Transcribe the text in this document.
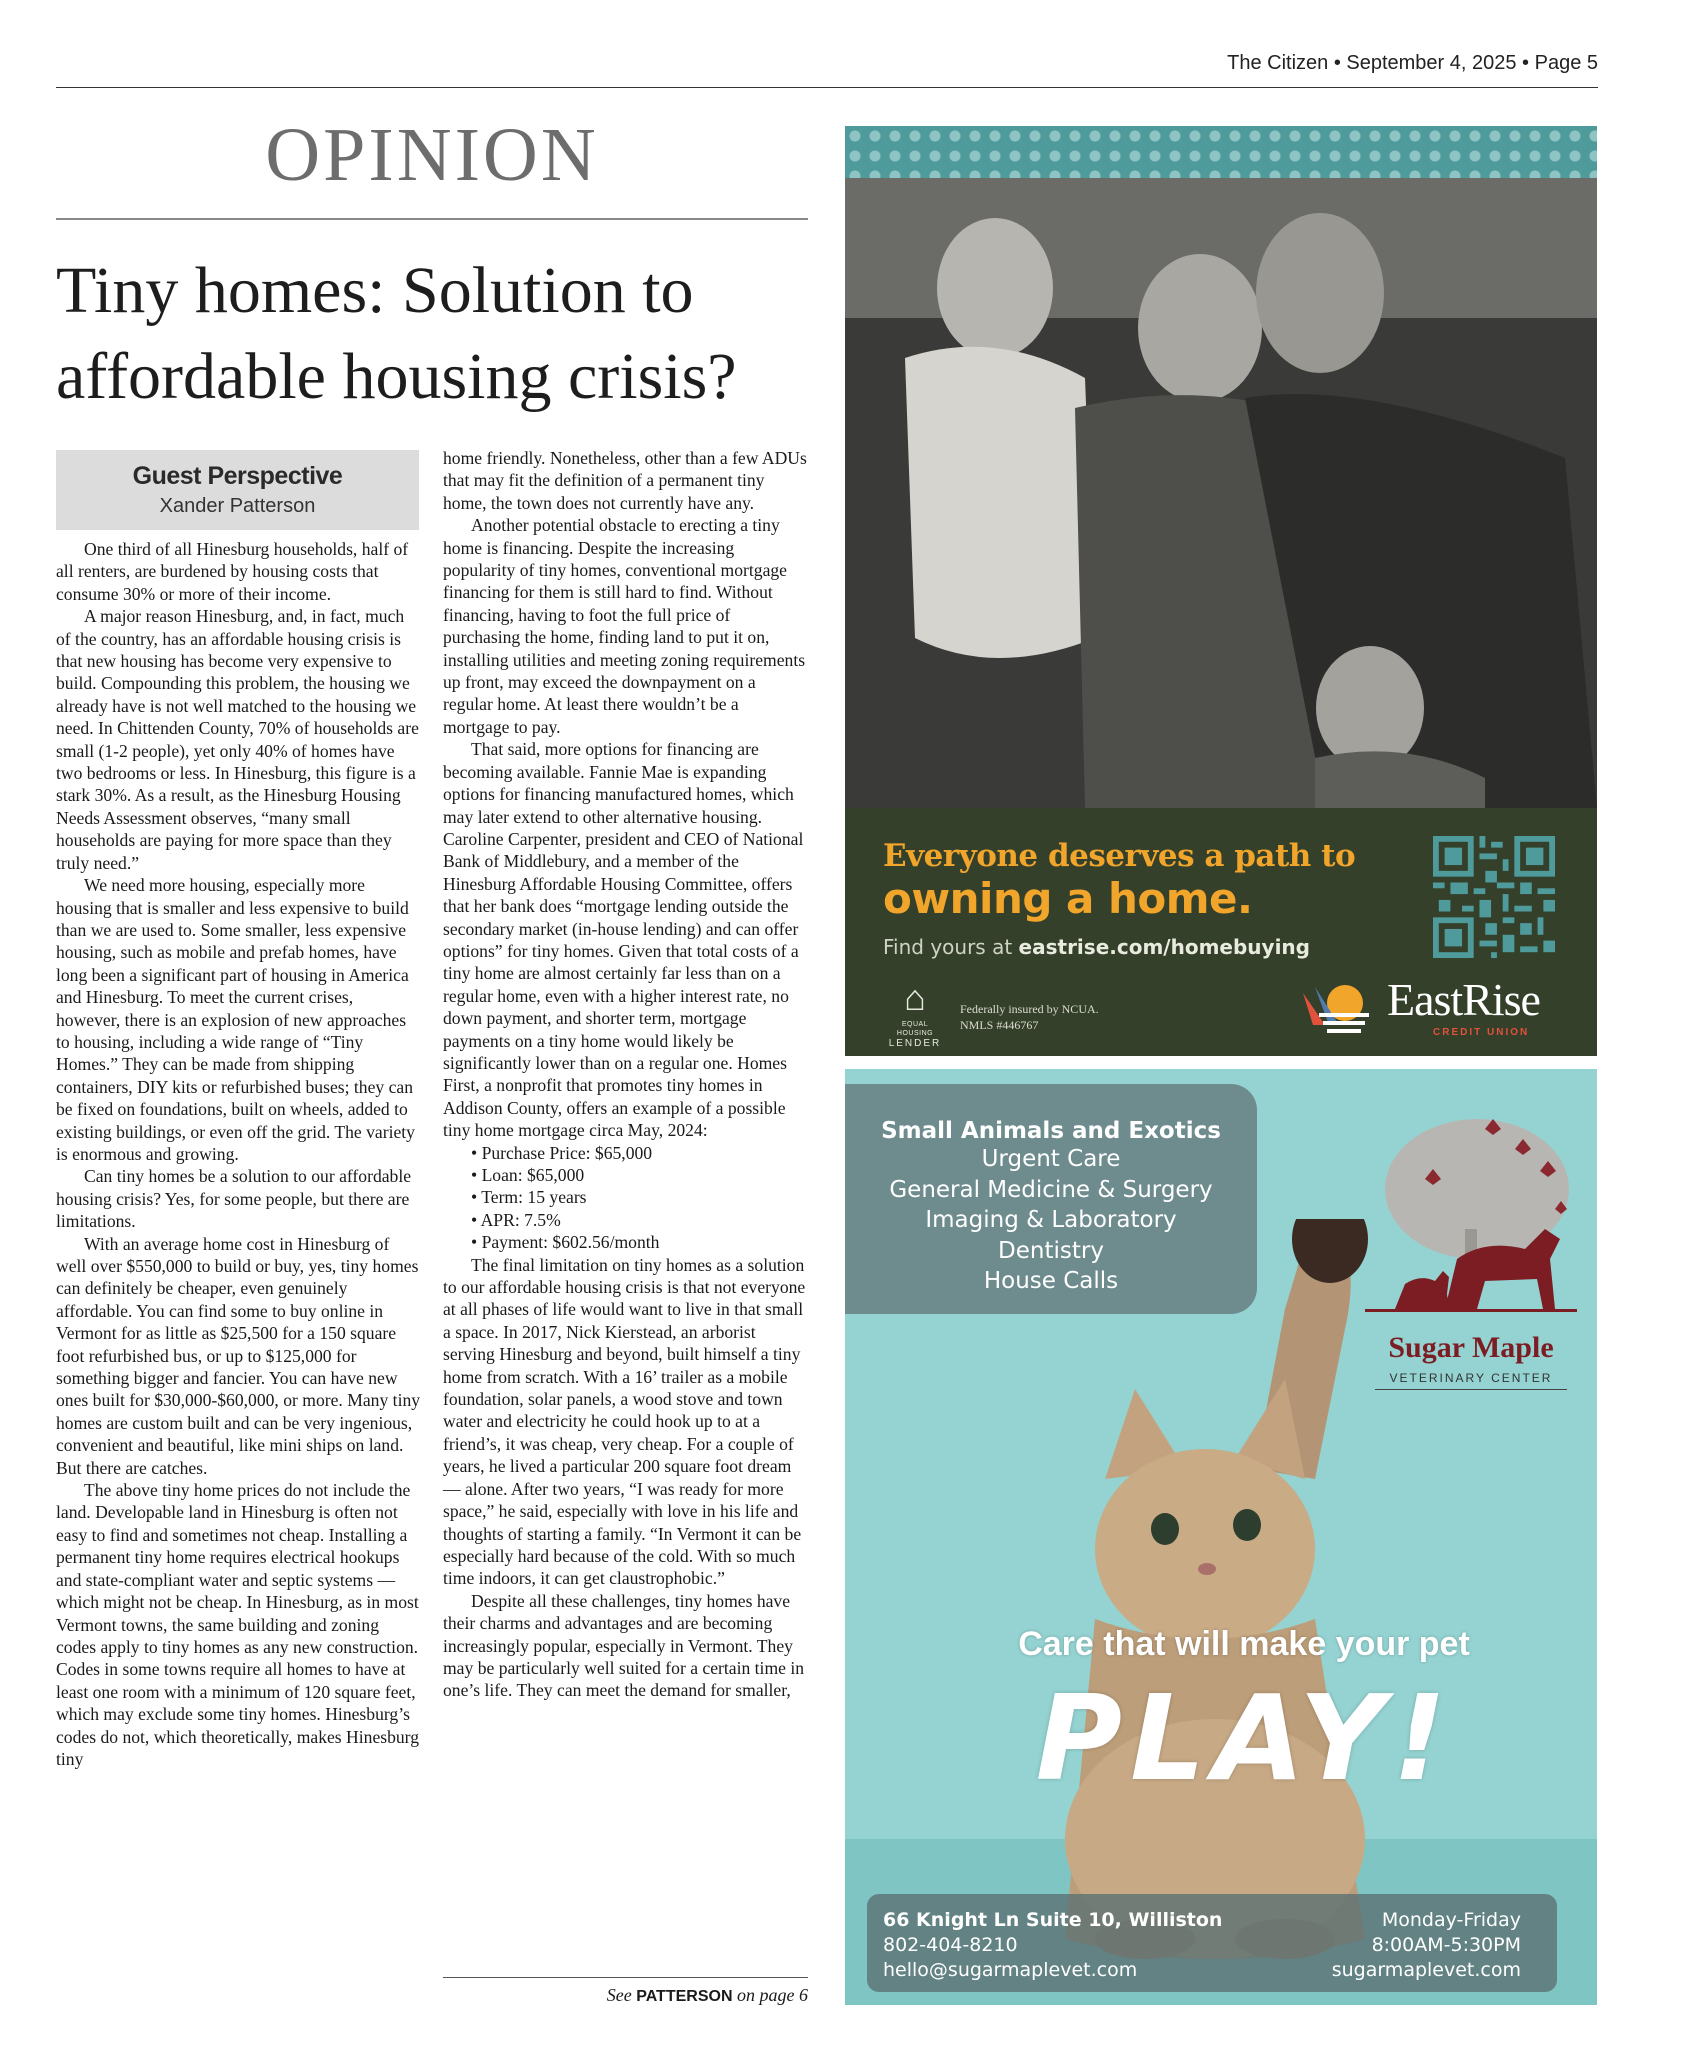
The Citizen • September 4, 2025 • Page 5
OPINION
Tiny homes: Solution to
affordable housing crisis?
Guest Perspective
Xander Patterson

One third of all Hinesburg households, half of all renters, are burdened by housing costs that consume 30% or more of their income.

A major reason Hinesburg, and, in fact, much of the country, has an affordable housing crisis is that new housing has become very expensive to build. Compounding this problem, the housing we already have is not well matched to the housing we need. In Chittenden County, 70% of households are small (1-2 people), yet only 40% of homes have two bedrooms or less. In Hinesburg, this figure is a stark 30%. As a result, as the Hinesburg Housing Needs Assessment observes, “many small households are paying for more space than they truly need.”

We need more housing, especially more housing that is smaller and less expensive to build than we are used to. Some smaller, less expensive housing, such as mobile and prefab homes, have long been a significant part of housing in America and Hinesburg. To meet the current crises, however, there is an explosion of new approaches to housing, including a wide range of “Tiny Homes.” They can be made from shipping containers, DIY kits or refurbished buses; they can be fixed on foundations, built on wheels, added to existing buildings, or even off the grid. The variety is enormous and growing.

Can tiny homes be a solution to our affordable housing crisis? Yes, for some people, but there are limitations.

With an average home cost in Hinesburg of well over $550,000 to build or buy, yes, tiny homes can definitely be cheaper, even genuinely affordable. You can find some to buy online in Vermont for as little as $25,500 for a 150 square foot refurbished bus, or up to $125,000 for something bigger and fancier. You can have new ones built for $30,000-$60,000, or more. Many tiny homes are custom built and can be very ingenious, convenient and beautiful, like mini ships on land. But there are catches.

The above tiny home prices do not include the land. Developable land in Hinesburg is often not easy to find and sometimes not cheap. Installing a permanent tiny home requires electrical hookups and state-compliant water and septic systems — which might not be cheap. In Hinesburg, as in most Vermont towns, the same building and zoning codes apply to tiny homes as any new construction. Codes in some towns require all homes to have at least one room with a minimum of 120 square feet, which may exclude some tiny homes. Hinesburg’s codes do not, which theoretically, makes Hinesburg tiny

home friendly. Nonetheless, other than a few ADUs that may fit the definition of a permanent tiny home, the town does not currently have any.

Another potential obstacle to erecting a tiny home is financing. Despite the increasing popularity of tiny homes, conventional mortgage financing for them is still hard to find. Without financing, having to foot the full price of purchasing the home, finding land to put it on, installing utilities and meeting zoning requirements up front, may exceed the downpayment on a regular home. At least there wouldn’t be a mortgage to pay.

That said, more options for financing are becoming available. Fannie Mae is expanding options for financing manufactured homes, which may later extend to other alternative housing. Caroline Carpenter, president and CEO of National Bank of Middlebury, and a member of the Hinesburg Affordable Housing Committee, offers that her bank does “mortgage lending outside the secondary market (in-house lending) and can offer options” for tiny homes. Given that total costs of a tiny home are almost certainly far less than on a regular home, even with a higher interest rate, no down payment, and shorter term, mortgage payments on a tiny home would likely be significantly lower than on a regular one. Homes First, a nonprofit that promotes tiny homes in Addison County, offers an example of a possible tiny home mortgage circa May, 2024:

• Purchase Price: $65,000
• Loan: $65,000
• Term: 15 years
• APR: 7.5%
• Payment: $602.56/month

The final limitation on tiny homes as a solution to our affordable housing crisis is that not everyone at all phases of life would want to live in that small a space. In 2017, Nick Kierstead, an arborist serving Hinesburg and beyond, built himself a tiny home from scratch. With a 16’ trailer as a mobile foundation, solar panels, a wood stove and town water and electricity he could hook up to at a friend’s, it was cheap, very cheap. For a couple of years, he lived a particular 200 square foot dream — alone. After two years, “I was ready for more space,” he said, especially with love in his life and thoughts of starting a family. “In Vermont it can be especially hard because of the cold. With so much time indoors, it can get claustrophobic.”

Despite all these challenges, tiny homes have their charms and advantages and are becoming increasingly popular, especially in Vermont. They may be particularly well suited for a certain time in one’s life. They can meet the demand for smaller,

See PATTERSON on page 6
Everyone deserves a path to
owning a home.
Find yours at eastrise.com/homebuying
⌂
EQUAL HOUSING
LENDER
Federally insured by NCUA.
NMLS #446767	EastRise
CREDIT UNION
Small Animals and Exotics
Urgent Care
General Medicine & Surgery
Imaging & Laboratory
Dentistry
House Calls
Sugar Maple
VETERINARY CENTER
Care that will make your pet
PLAY!
66 Knight Ln Suite 10, Williston
802-404-8210
hello@sugarmaplevet.com
Monday-Friday
8:00AM-5:30PM
sugarmaplevet.com
